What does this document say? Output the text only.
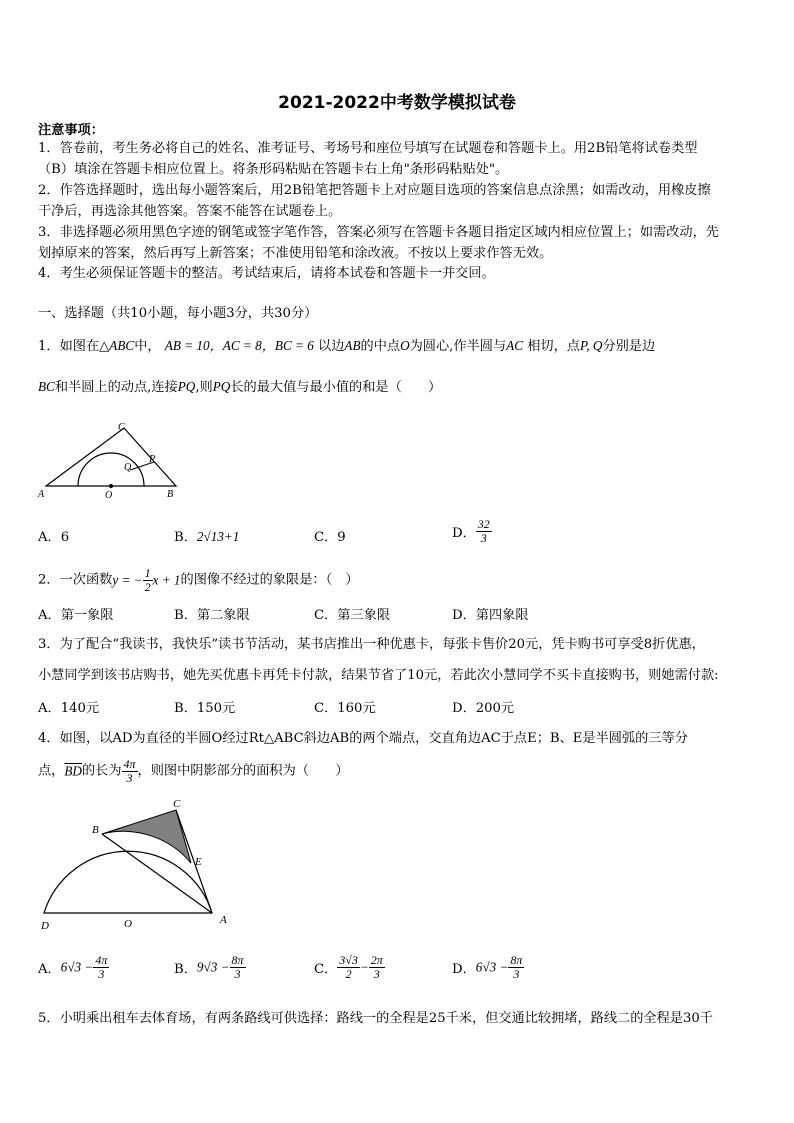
2021-2022中考数学模拟试卷
注意事项：
1．答卷前，考生务必将自己的姓名、准考证号、考场号和座位号填写在试题卷和答题卡上。用2B铅笔将试卷类型
（B）填涂在答题卡相应位置上。将条形码粘贴在答题卡右上角"条形码粘贴处"。
2．作答选择题时，选出每小题答案后，用2B铅笔把答题卡上对应题目选项的答案信息点涂黑；如需改动，用橡皮擦
干净后，再选涂其他答案。答案不能答在试题卷上。
3．非选择题必须用黑色字迹的钢笔或签字笔作答，答案必须写在答题卡各题目指定区域内相应位置上；如需改动，先
划掉原来的答案，然后再写上新答案；不准使用铅笔和涂改液。不按以上要求作答无效。
4．考生必须保证答题卡的整洁。考试结束后，请将本试卷和答题卡一并交回。
一、选择题（共10小题，每小题3分，共30分）
1．如图在△ABC中， AB = 10，AC = 8，BC = 6 以边AB的中点O为圆心,作半圆与AC 相切，点P, Q分别是边
BC和半圆上的动点,连接PQ,则PQ长的最大值与最小值的和是（　　）
C
P
Q
A	O	B
A．6	B．2√13+1	C．9	D． $\frac{32}{3}$
2．一次函数y = − $\frac{1}{2}$ x + 1的图像不经过的象限是：（　）
A．第一象限	B．第二象限	C．第三象限	D．第四象限
3．为了配合“我读书，我快乐”读书节活动，某书店推出一种优惠卡，每张卡售价20元，凭卡购书可享受8折优惠，
小慧同学到该书店购书，她先买优惠卡再凭卡付款，结果节省了10元，若此次小慧同学不买卡直接购书，则她需付款:
A．140元	B．150元	C．160元	D．200元
4．如图，以AD为直径的半圆O经过Rt△ABC斜边AB的两个端点，交直角边AC于点E；B、E是半圆弧的三等分
点，$\overline{BD}$的长为 $\frac{4\pi}{3}$ ，则图中阴影部分的面积为（　　）
C
B
E
D	O	A
A．$6√3 - \frac{4\pi}{3}$	B．$9√3 - \frac{8\pi}{3}$	C． $\frac{3√3}{2} - \frac{2\pi}{3}$	D．$6√3 - \frac{8\pi}{3}$
5．小明乘出租车去体育场，有两条路线可供选择：路线一的全程是25千米，但交通比较拥堵，路线二的全程是30千
